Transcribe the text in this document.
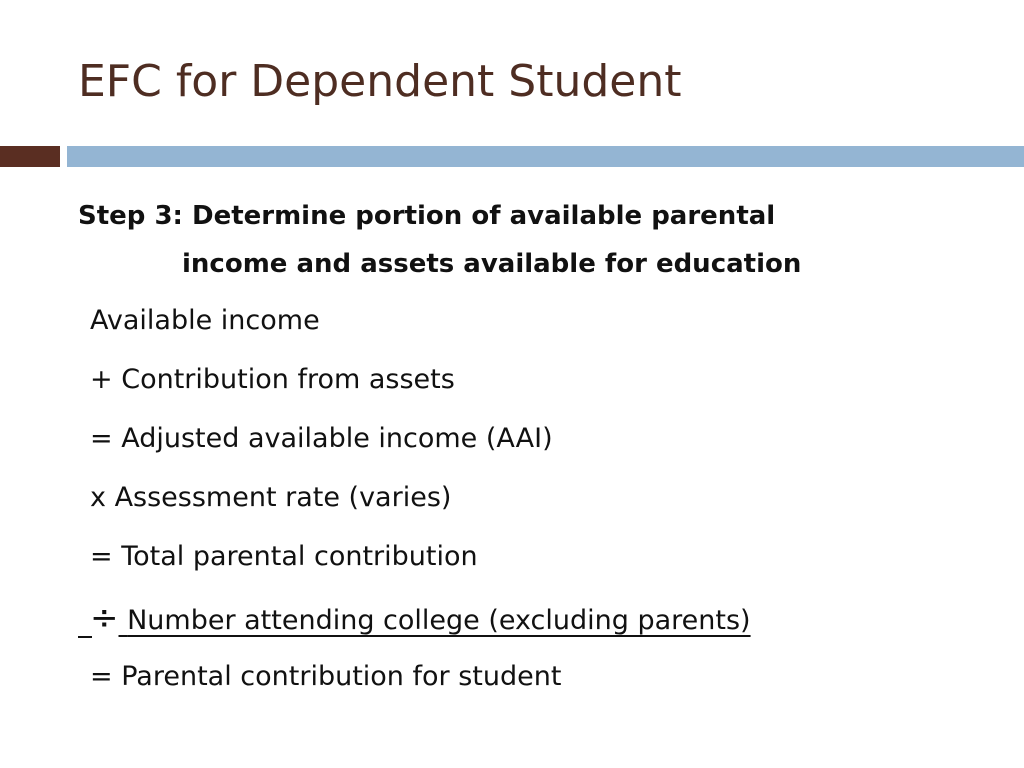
EFC for Dependent Student
Step 3: Determine portion of available parental
income and assets available for education
Available income
+ Contribution from assets
= Adjusted available income (AAI)
x Assessment rate (varies)
= Total parental contribution
÷ Number attending college (excluding parents)
= Parental contribution for student
